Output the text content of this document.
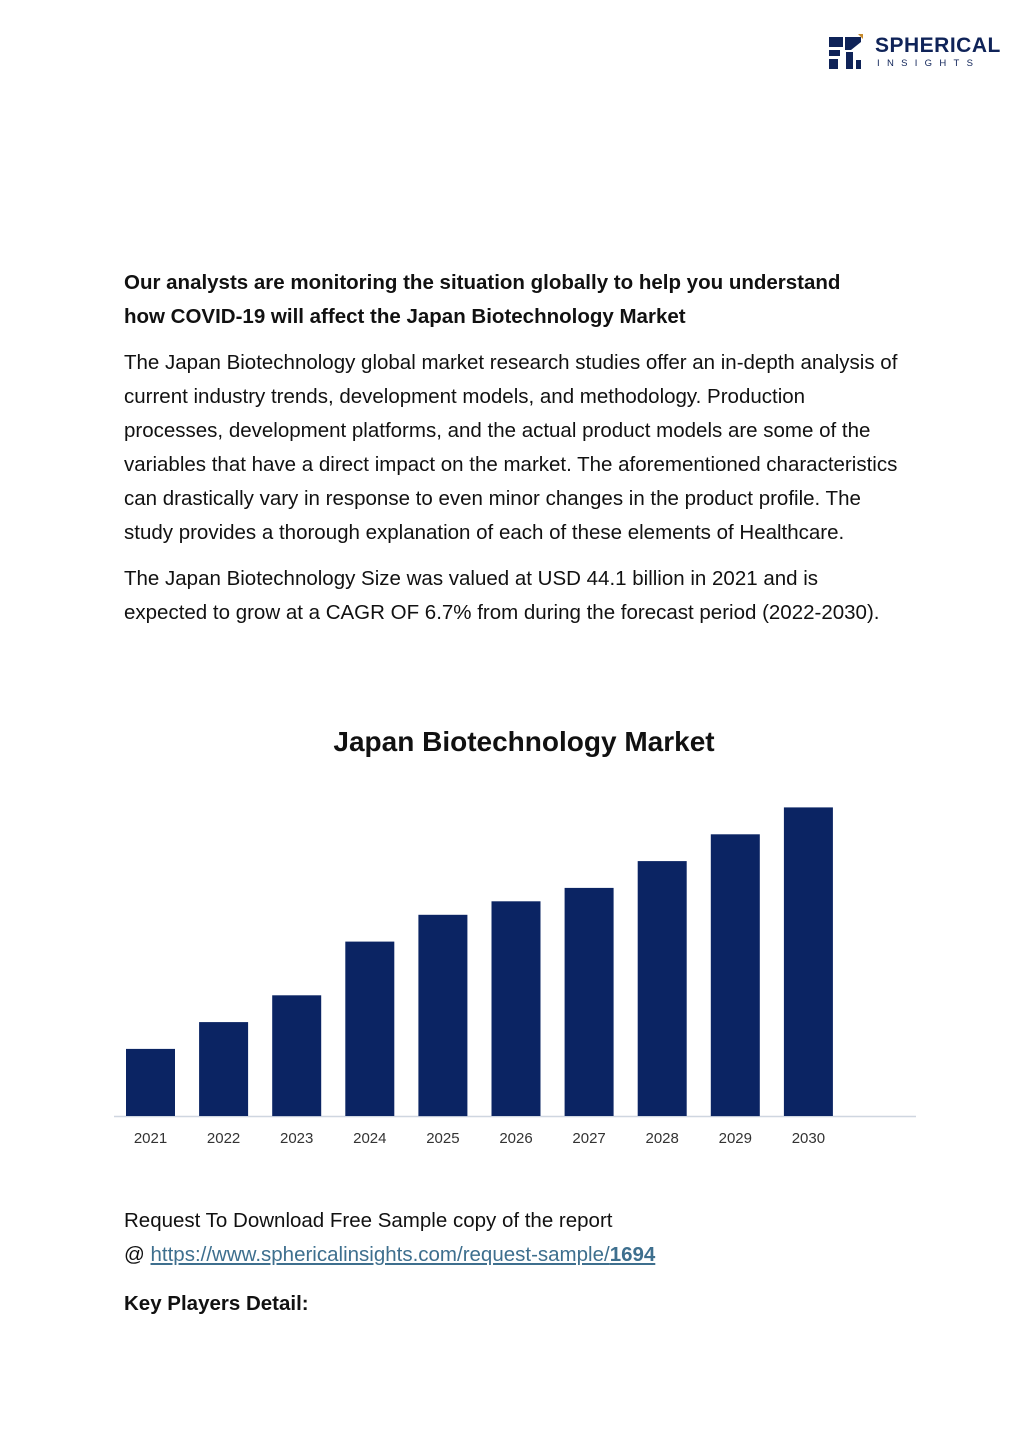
SPHERICAL
INSIGHTS
Our analysts are monitoring the situation globally to help you understand
how COVID-19 will affect the Japan Biotechnology Market
The Japan Biotechnology global market research studies offer an in-depth analysis of current industry trends, development models, and methodology. Production processes, development platforms, and the actual product models are some of the variables that have a direct impact on the market. The aforementioned characteristics can drastically vary in response to even minor changes in the product profile. The study provides a thorough explanation of each of these elements of Healthcare.
The Japan Biotechnology Size was valued at USD 44.1 billion in 2021 and is expected to grow at a CAGR OF 6.7% from during the forecast period (2022-2030).
Japan Biotechnology Market
2021	2022	2023	2024	2025	2026	2027	2028	2029	2030
Request To Download Free Sample copy of the report
@ https://www.sphericalinsights.com/request-sample/1694
Key Players Detail:
